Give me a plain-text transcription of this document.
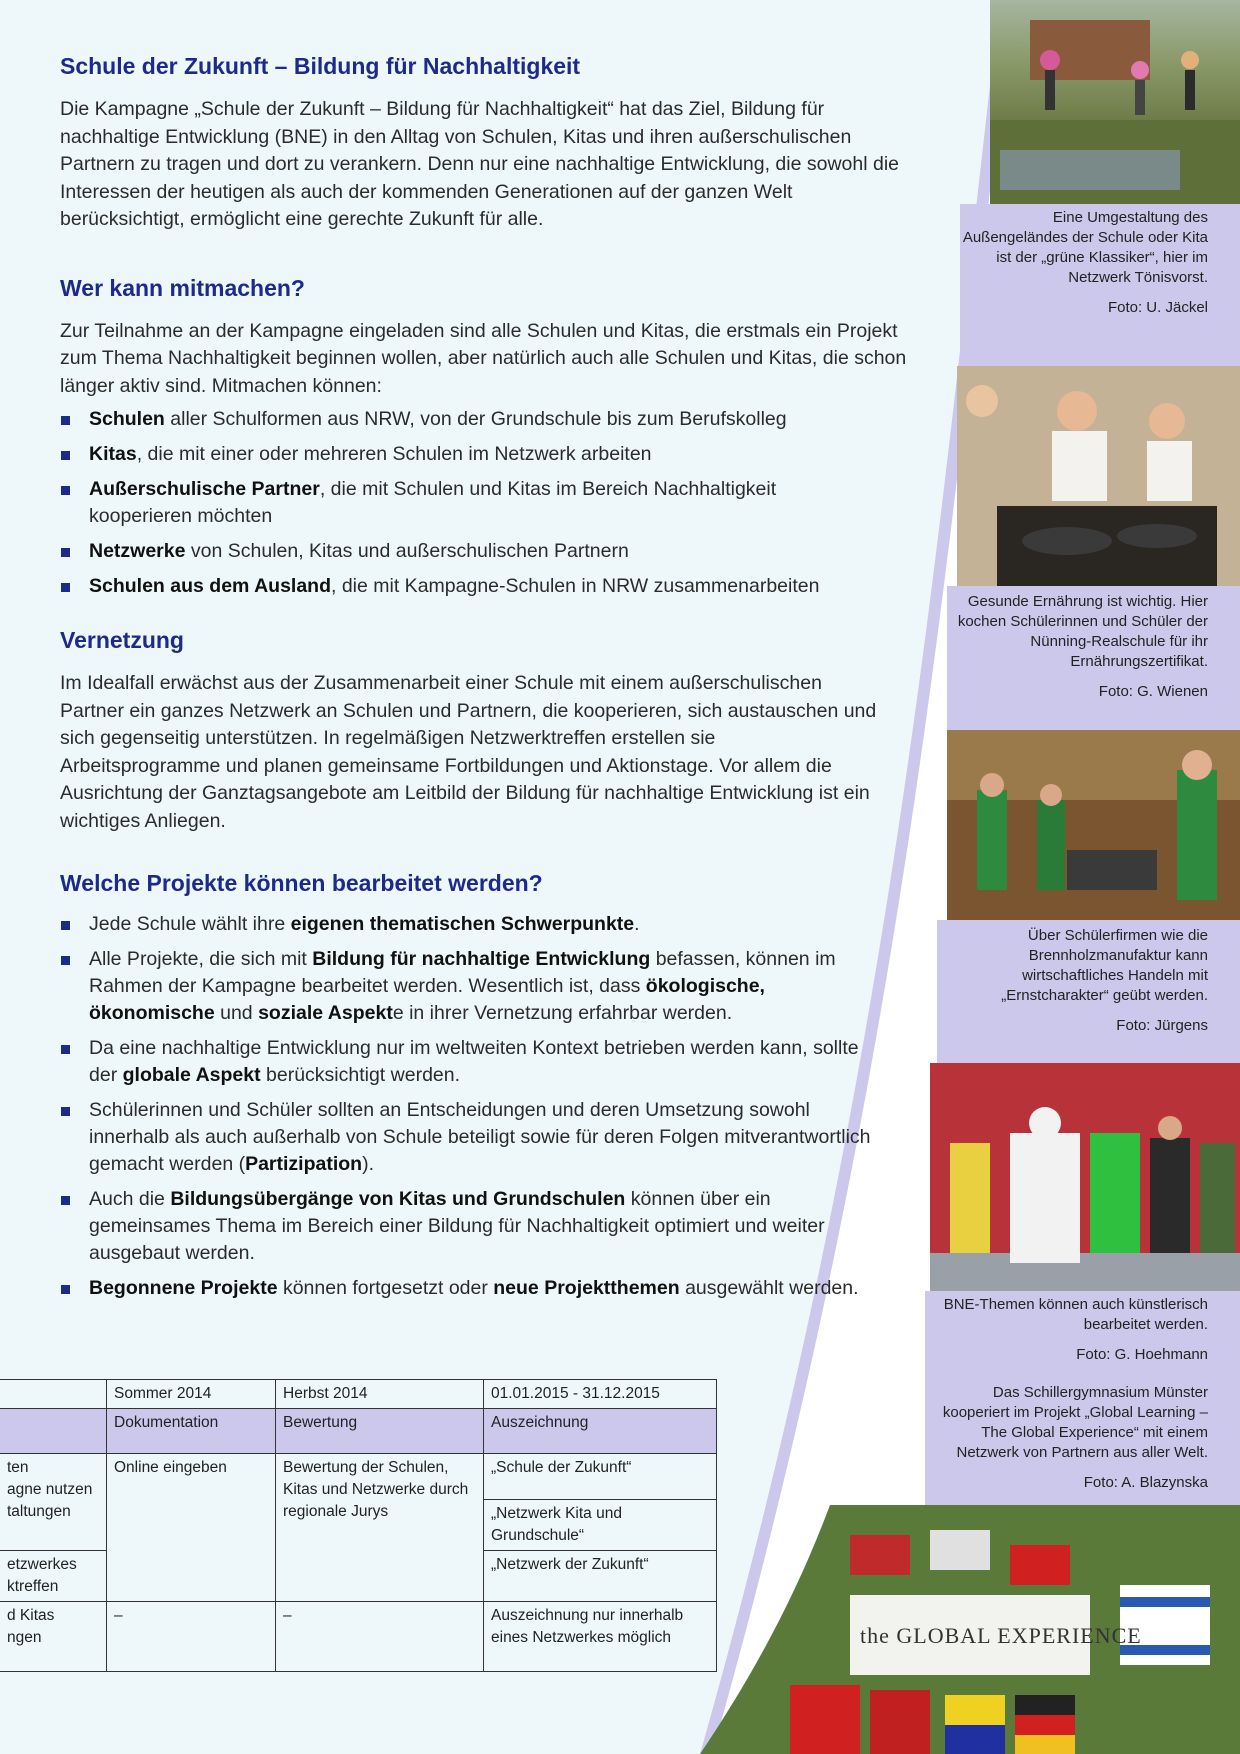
Eine Umgestaltung des Außengeländes der Schule oder Kita ist der „grüne Klassiker“, hier im Netzwerk Tönisvorst.
Foto: U. Jäckel
Gesunde Ernährung ist wichtig. Hier kochen Schülerinnen und Schüler der Nünning-Realschule für ihr Ernährungszertifikat.
Foto: G. Wienen
Über Schülerfirmen wie die Brennholzmanufaktur kann wirtschaftliches Handeln mit „Ernstcharakter“ geübt werden.
Foto: Jürgens
BNE-Themen können auch künstlerisch bearbeitet werden.
Foto: G. Hoehmann
Das Schillergymnasium Münster kooperiert im Projekt „Global Learning – The Global Experience“ mit einem Netzwerk von Partnern aus aller Welt.
Foto: A. Blazynska
the GLOBAL EXPERIENCE
Schule der Zukunft – Bildung für Nachhaltigkeit

Die Kampagne „Schule der Zukunft – Bildung für Nachhaltigkeit“ hat das Ziel, Bildung für nachhaltige Entwicklung (BNE) in den Alltag von Schulen, Kitas und ihren außerschulischen Partnern zu tragen und dort zu verankern. Denn nur eine nachhaltige Entwicklung, die sowohl die Interessen der heutigen als auch der kommenden Generationen auf der ganzen Welt berücksichtigt, ermöglicht eine gerechte Zukunft für alle.

Wer kann mitmachen?

Zur Teilnahme an der Kampagne eingeladen sind alle Schulen und Kitas, die erstmals ein Projekt zum Thema Nachhaltigkeit beginnen wollen, aber natürlich auch alle Schulen und Kitas, die schon länger aktiv sind. Mitmachen können:

Schulen aller Schulformen aus NRW, von der Grundschule bis zum Berufskolleg
Kitas, die mit einer oder mehreren Schulen im Netzwerk arbeiten
Außerschulische Partner, die mit Schulen und Kitas im Bereich Nachhaltigkeit kooperieren möchten
Netzwerke von Schulen, Kitas und außerschulischen Partnern
Schulen aus dem Ausland, die mit Kampagne-Schulen in NRW zusammenarbeiten
Vernetzung

Im Idealfall erwächst aus der Zusammenarbeit einer Schule mit einem außerschulischen Partner ein ganzes Netzwerk an Schulen und Partnern, die kooperieren, sich austauschen und sich gegenseitig unterstützen. In regelmäßigen Netzwerktreffen erstellen sie Arbeitsprogramme und planen gemeinsame Fortbildungen und Aktionstage. Vor allem die Ausrichtung der Ganztagsangebote am Leitbild der Bildung für nachhaltige Entwicklung ist ein wichtiges Anliegen.

Welche Projekte können bearbeitet werden?
Jede Schule wählt ihre eigenen thematischen Schwerpunkte.
Alle Projekte, die sich mit Bildung für nachhaltige Entwicklung befassen, können im Rahmen der Kampagne bearbeitet werden. Wesentlich ist, dass ökologische, ökonomische und soziale Aspekte in ihrer Vernetzung erfahrbar werden.
Da eine nachhaltige Entwicklung nur im weltweiten Kontext betrieben werden kann, sollte der globale Aspekt berücksichtigt werden.
Schülerinnen und Schüler sollten an Entscheidungen und deren Umsetzung sowohl innerhalb als auch außerhalb von Schule beteiligt sowie für deren Folgen mitverantwortlich gemacht werden (Partizipation).
Auch die Bildungsübergänge von Kitas und Grundschulen können über ein gemeinsames Thema im Bereich einer Bildung für Nachhaltigkeit optimiert und weiter ausgebaut werden.
Begonnene Projekte können fortgesetzt oder neue Projektthemen ausgewählt werden.
	Sommer 2014	Herbst 2014	01.01.2015 - 31.12.2015
	Dokumentation	Bewertung	Auszeichnung

ten
agne nutzen
taltungen	Online eingeben	Bewertung der Schulen, Kitas und Netzwerke durch regionale Jurys	„Schule der Zukunft“
			„Netzwerk Kita und Grundschule“

etzwerkes
ktreffen			„Netzwerk der Zukunft“

d Kitas
ngen	–	–	Auszeichnung nur innerhalb eines Netzwerkes möglich
